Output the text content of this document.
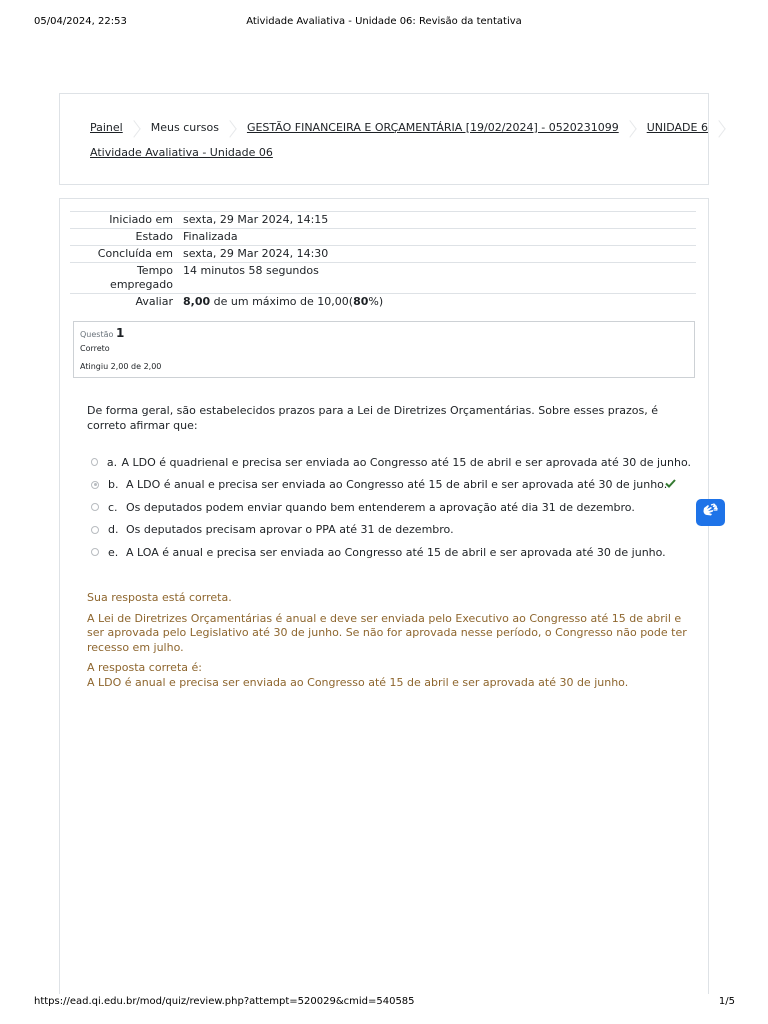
05/04/2024, 22:53	Atividade Avaliativa - Unidade 06: Revisão da tentativa
Painel	Meus cursos	GESTÃO FINANCEIRA E ORÇAMENTÁRIA [19/02/2024] - 0520231099	UNIDADE 6
Atividade Avaliativa - Unidade 06
Iniciado em sexta, 29 Mar 2024, 14:15
Estado Finalizada
Concluída em sexta, 29 Mar 2024, 14:30
Tempo
empregado
14 minutos 58 segundos
Avaliar 8,00 de um máximo de 10,00(80%)
Questão 1
Correto
Atingiu 2,00 de 2,00
De forma geral, são estabelecidos prazos para a Lei de Diretrizes Orçamentárias. Sobre esses prazos, é correto afirmar que:
a. A LDO é quadrienal e precisa ser enviada ao Congresso até 15 de abril e ser aprovada até 30 de junho.
b. A LDO é anual e precisa ser enviada ao Congresso até 15 de abril e ser aprovada até 30 de junho.
c. Os deputados podem enviar quando bem entenderem a aprovação até dia 31 de dezembro.
d. Os deputados precisam aprovar o PPA até 31 de dezembro.
e. A LOA é anual e precisa ser enviada ao Congresso até 15 de abril e ser aprovada até 30 de junho.

Sua resposta está correta.

A Lei de Diretrizes Orçamentárias é anual e deve ser enviada pelo Executivo ao Congresso até 15 de abril e ser aprovada pelo Legislativo até 30 de junho. Se não for aprovada nesse período, o Congresso não pode ter recesso em julho.

A resposta correta é:
A LDO é anual e precisa ser enviada ao Congresso até 15 de abril e ser aprovada até 30 de junho.
https://ead.qi.edu.br/mod/quiz/review.php?attempt=520029&cmid=540585	1/5
